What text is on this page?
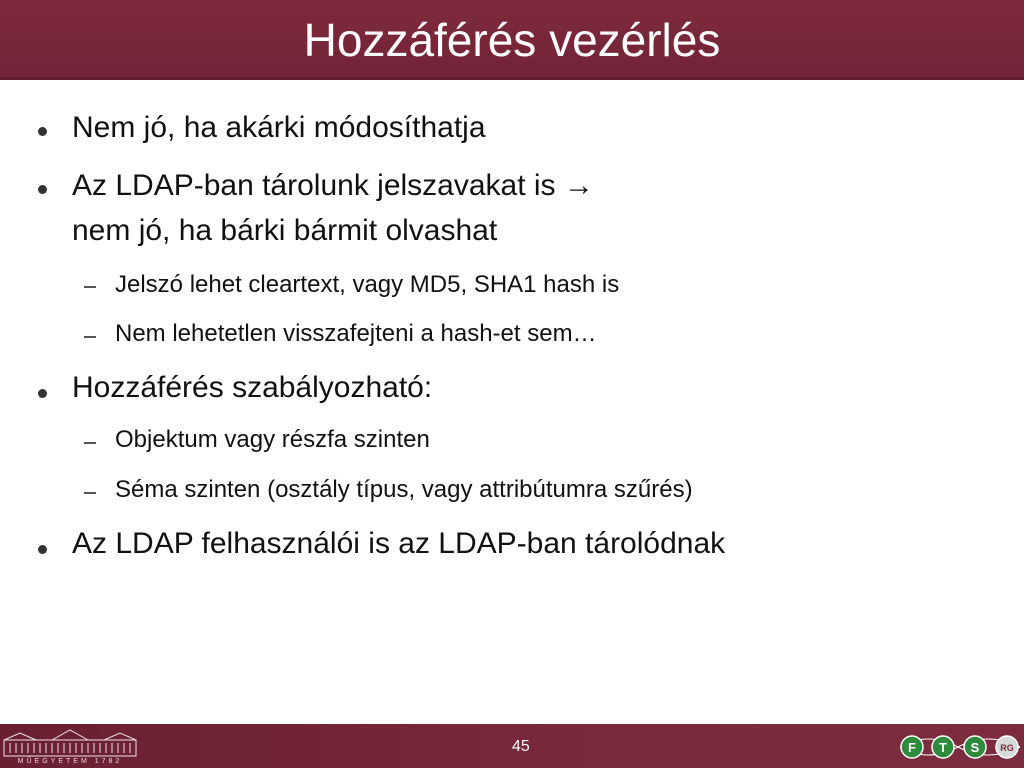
Hozzáférés vezérlés
Nem jó, ha akárki módosíthatja
Az LDAP-ban tárolunk jelszavakat is →
nem jó, ha bárki bármit olvashat
Jelszó lehet cleartext, vagy MD5, SHA1 hash is
Nem lehetetlen visszafejteni a hash-et sem…
Hozzáférés szabályozható:
Objektum vagy részfa szinten
Séma szinten (osztály típus, vagy attribútumra szűrés)
Az LDAP felhasználói is az LDAP-ban tárolódnak
MŰEGYETEM 1782
45	F T S RG
